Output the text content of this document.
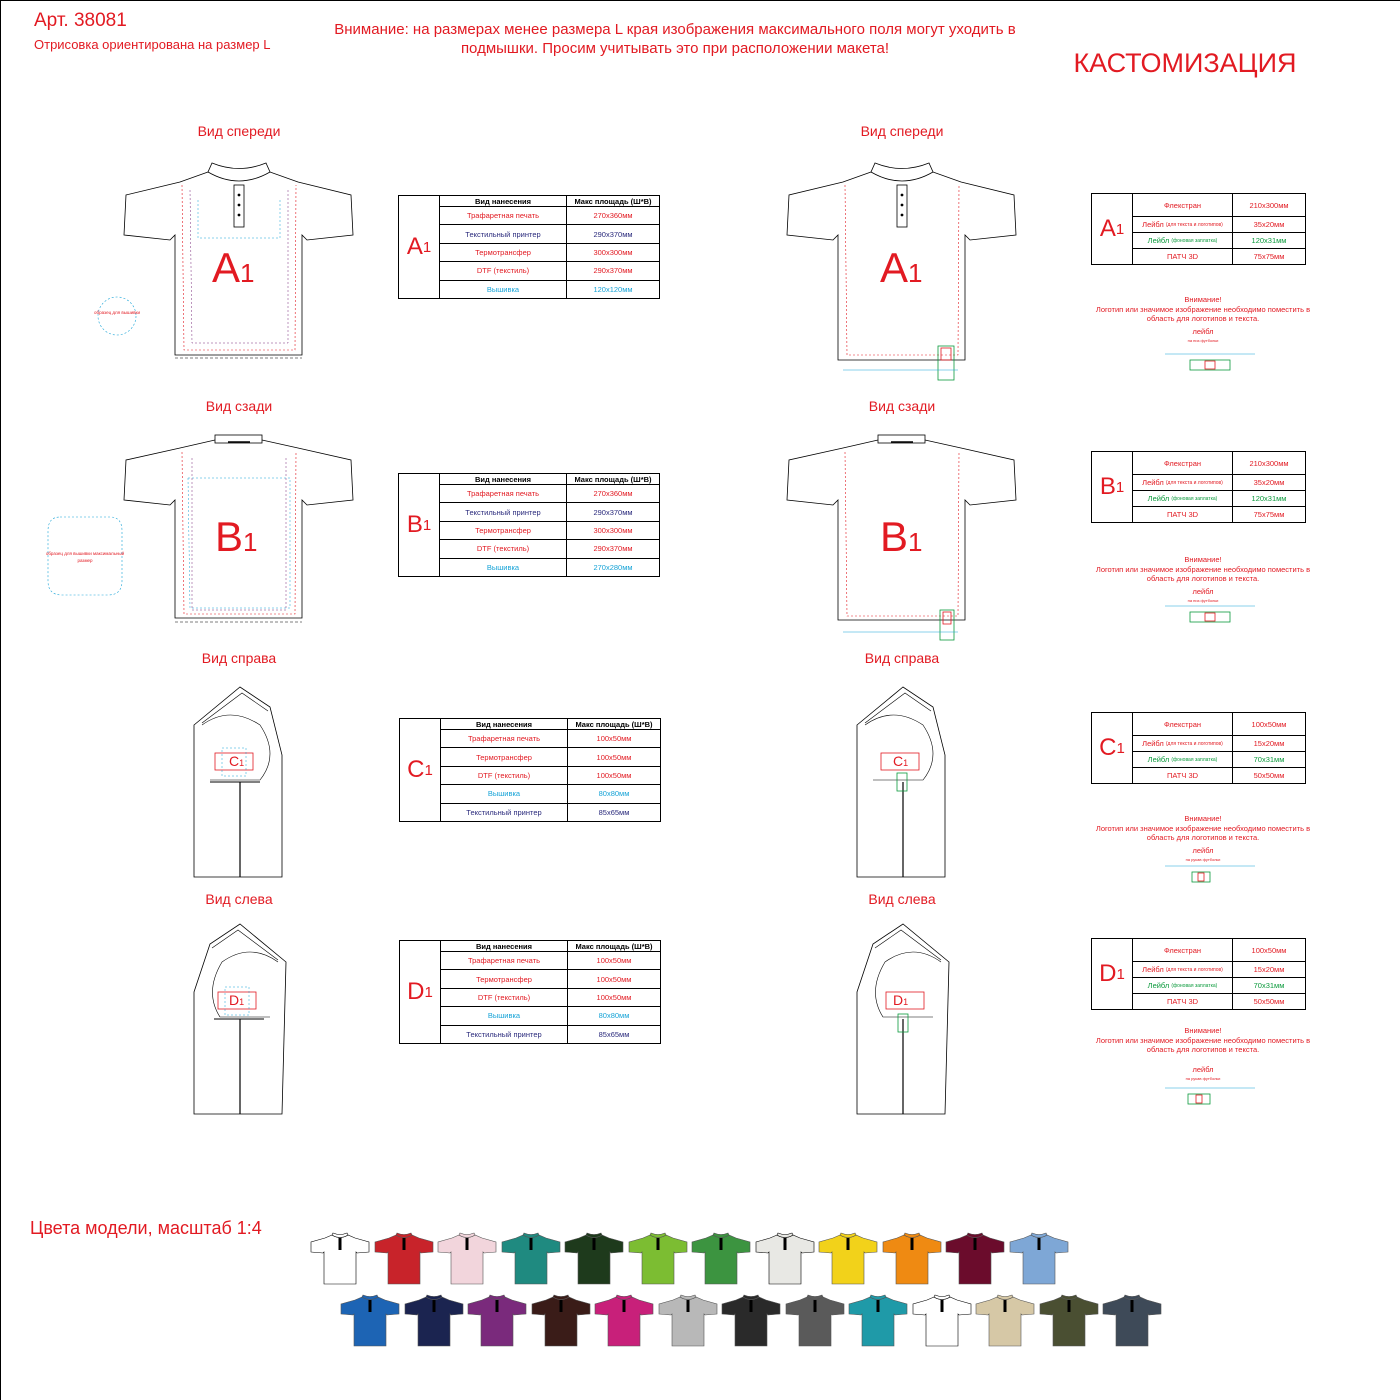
Арт. 38081
Отрисовка ориентирована на размер L
Внимание: на размерах менее размера L края изображения максимального поля могут уходить в подмышки. Просим учитывать это при расположении макета!	КАСТОМИЗАЦИЯ
Вид спереди
Вид сзади
Вид справа
Вид слева
Вид спереди
Вид сзади
Вид справа
Вид слева
A1
образец для вышивки
B1
образец для вышивки максимальный размер
C1
D1
A 1
Вид нанесения	Макс площадь (Ш*В)
Трафаретная печать	270х360мм
Текстильный принтер	290х370мм
Термотрансфер	300х300мм
DTF (текстиль)	290х370мм
Вышивка	120х120мм
B 1
Вид нанесения	Макс площадь (Ш*В)
Трафаретная печать	270х360мм
Текстильный принтер	290х370мм
Термотрансфер	300х300мм
DTF (текстиль)	290х370мм
Вышивка	270х280мм
C 1
Вид нанесения	Макс площадь (Ш*В)
Трафаретная печать	100х50мм
Термотрансфер	100х50мм
DTF (текстиль)	100х50мм
Вышивка	80х80мм
Текстильный принтер	85х65мм
D 1
Вид нанесения	Макс площадь (Ш*В)
Трафаретная печать	100х50мм
Термотрансфер	100х50мм
DTF (текстиль)	100х50мм
Вышивка	80х80мм
Текстильный принтер	85х65мм
A1
B1
C1
D1
A 1
Флекстран	210х300мм
Лейбл
(для текста и логотипов)	35х20мм
Лейбл
(фоновая заплатка)	120х31мм
ПАТЧ 3D	75х75мм
B 1
Флекстран	210х300мм
Лейбл
(для текста и логотипов)	35х20мм
Лейбл
(фоновая заплатка)	120х31мм
ПАТЧ 3D	75х75мм
C 1
Флекстран	100х50мм
Лейбл
(для текста и логотипов)	15х20мм
Лейбл
(фоновая заплатка)	70х31мм
ПАТЧ 3D	50х50мм
D 1
Флекстран	100х50мм
Лейбл
(для текста и логотипов)	15х20мм
Лейбл
(фоновая заплатка)	70х31мм
ПАТЧ 3D	50х50мм
Внимание!
Логотип или значимое изображение необходимо поместить в область для логотипов и текста.
лейбл
на низ футболки
Внимание!
Логотип или значимое изображение необходимо поместить в область для логотипов и текста.
лейбл
на низ футболки
Внимание!
Логотип или значимое изображение необходимо поместить в область для логотипов и текста.
лейбл
на рукав футболки
Внимание!
Логотип или значимое изображение необходимо поместить в область для логотипов и текста.
лейбл
на рукав футболки
Цвета модели, масштаб 1:4
